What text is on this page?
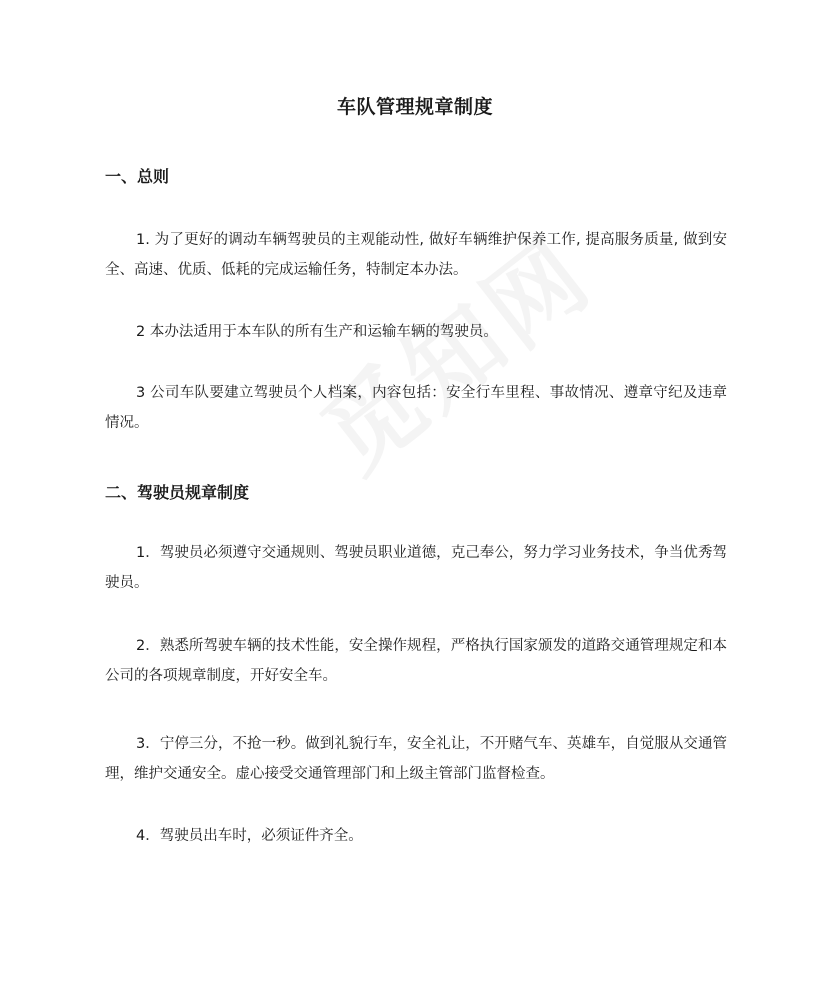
车队管理规章制度
一、总则

1. 为了更好的调动车辆驾驶员的主观能动性, 做好车辆维护保养工作, 提高服务质量, 做到安全、高速、优质、低耗的完成运输任务，特制定本办法。

2 本办法适用于本车队的所有生产和运输车辆的驾驶员。

3 公司车队要建立驾驶员个人档案，内容包括：安全行车里程、事故情况、遵章守纪及违章情况。

二、驾驶员规章制度

1．驾驶员必须遵守交通规则、驾驶员职业道德，克己奉公，努力学习业务技术，争当优秀驾驶员。

2．熟悉所驾驶车辆的技术性能，安全操作规程，严格执行国家颁发的道路交通管理规定和本公司的各项规章制度，开好安全车。

3．宁停三分，不抢一秒。做到礼貌行车，安全礼让，不开赌气车、英雄车，自觉服从交通管理，维护交通安全。虚心接受交通管理部门和上级主管部门监督检查。

4．驾驶员出车时，必须证件齐全。
